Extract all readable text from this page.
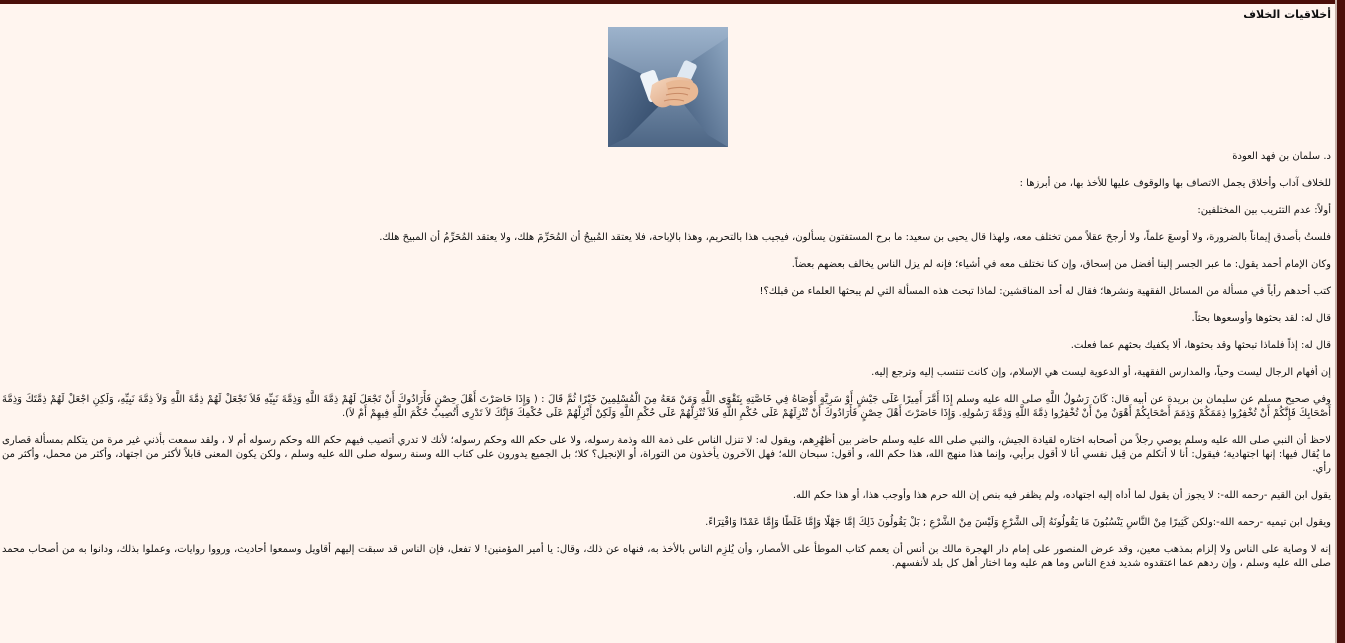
أخلاقيات الخلاف

د. سلمان بن فهد العودة

للخلاف آداب وأخلاق يجمل الاتصاف بها والوقوف عليها للأخذ بها، من أبرزها :

أولاً: عدم التثريب بين المختلفين:

فلستُ بأصدق إيماناً بالضرورة، ولا أوسعَ علماً، ولا أرجحَ عقلاً ممن تختلف معه، ولهذا قال يحيى بن سعيد: ما برح المستفتون يسألون، فيجيب هذا بالتحريم، وهذا بالإباحة، فلا يعتقد المُبيحُ أن المُحَرِّمَ هلك، ولا يعتقد المُحَرِّمُ أن المبيحَ هلك.

وكان الإمام أحمد يقول: ما عبر الجسر إلينا أفضل من إسحاق، وإن كنا نختلف معه في أشياء؛ فإنه لم يزل الناس يخالف بعضهم بعضاً.

كتب أحدهم رأياً في مسألة من المسائل الفقهية ونشرها؛ فقال له أحد المناقشين: لماذا تبحث هذه المسألة التي لم يبحثها العلماء من قبلك؟!

قال له: لقد بحثوها وأوسعوها بحثاً.

قال له: إذاً فلماذا تبحثها وقد بحثوها، ألا يكفيك بحثهم عما فعلت.

إن أفهام الرجال ليست وحياً، والمدارس الفقهية، أو الدعوية ليست هي الإسلام، وإن كانت تنتسب إليه وترجع إليه.

وفي صحيح مسلم عن سليمان بن بريدة عن أبيه قال: كَانَ رَسُولُ اللَّهِ صلى الله عليه وسلم إِذَا أَمَّرَ أَمِيرًا عَلَى جَيْشٍ أَوْ سَرِيَّةٍ أَوْصَاهُ فِي خَاصَّتِهِ بِتَقْوَى اللَّهِ وَمَنْ مَعَهُ مِنَ الْمُسْلِمِينَ خَيْرًا ثُمَّ قَالَ : ( وَإِذَا حَاصَرْتَ أَهْلَ حِصْنٍ فَأَرَادُوكَ أَنْ تَجْعَلَ لَهُمْ ذِمَّةَ اللَّهِ وَذِمَّةَ نَبِيِّهِ فَلاَ تَجْعَلْ لَهُمْ ذِمَّةَ اللَّهِ وَلاَ ذِمَّةَ نَبِيِّهِ، وَلَكِنِ اجْعَلْ لَهُمْ ذِمَّتَكَ وَذِمَّةَ أَصْحَابِكَ فَإِنَّكُمْ أَنْ تُخْفِرُوا ذِمَمَكُمْ وَذِمَمَ أَصْحَابِكُمْ أَهْوَنُ مِنْ أَنْ تُخْفِرُوا ذِمَّةَ اللَّهِ وَذِمَّةَ رَسُولِهِ. وَإِذَا حَاصَرْتَ أَهْلَ حِصْنٍ فَأَرَادُوكَ أَنْ تُنْزِلَهُمْ عَلَى حُكْمِ اللَّهِ فَلاَ تُنْزِلْهُمْ عَلَى حُكْمِ اللَّهِ وَلَكِنْ أَنْزِلْهُمْ عَلَى حُكْمِكَ فَإِنَّكَ لاَ تَدْرِى أَتُصِيبُ حُكْمَ اللَّهِ فِيهِمْ أَمْ لاَ).

لاحظ أن النبي صلى الله عليه وسلم يوصي رجلاً من أصحابه اختاره لقيادة الجيش، والنبي صلى الله عليه وسلم حاضر بين أظهُرِهم، ويقول له: لا تنزل الناس على ذمة الله وذمة رسوله، ولا على حكم الله وحكم رسوله؛ لأنك لا تدري أتصيب فيهم حكم الله وحكم رسوله أم لا ، ولقد سمعت بأذني غير مرة من يتكلم بمسألة قصارى ما يُقال فيها: إنها اجتهادية؛ فيقول: أنا لا أتكلم من قِبل نفسي أنا لا أقول برأيي، وإنما هذا منهج الله، هذا حكم الله، و أقول: سبحان الله؛ فهل الآخرون يأخذون من التوراة، أو الإنجيل؟ كلا؛ بل الجميع يدورون على كتاب الله وسنة رسوله صلى الله عليه وسلم ، ولكن يكون المعنى قابلاً لأكثر من اجتهاد، وأكثر من محمل، وأكثر من رأي.

يقول ابن القيم -رحمه الله-: لا يجوز أن يقول لما أداه إليه اجتهاده، ولم يظفر فيه بنص إن الله حرم هذا وأوجب هذا، أو هذا حكم الله.

ويقول ابن تيميه -رحمه الله-:ولكن كَثِيرًا مِنْ النَّاسِ يَنْسُبُونَ مَا يَقُولُونَهُ إلَى الشَّرْعِ وَلَيْسَ مِنْ الشَّرْعِ ; بَلْ يَقُولُونَ ذَلِكَ إمَّا جَهْلًا وَإِمَّا غَلَطًا وَإِمَّا عَمْدًا وَافْتِرَاءً.

إنه لا وصاية على الناس ولا إلزام بمذهب معين، وقد عرض المنصور على إمام دار الهجرة مالك بن أنس أن يعمم كتاب الموطأ على الأمصار، وأن يُلزِم الناس بالأخذ به، فنهاه عن ذلك، وقال: يا أمير المؤمنين! لا تفعل، فإن الناس قد سبقت إليهم أقاويل وسمعوا أحاديث، ورووا روايات، وعملوا بذلك، ودانوا به من أصحاب محمد صلى الله عليه وسلم ، وإن ردهم عما اعتقدوه شديد فدع الناس وما هم عليه وما اختار أهل كل بلد لأنفسهم.
